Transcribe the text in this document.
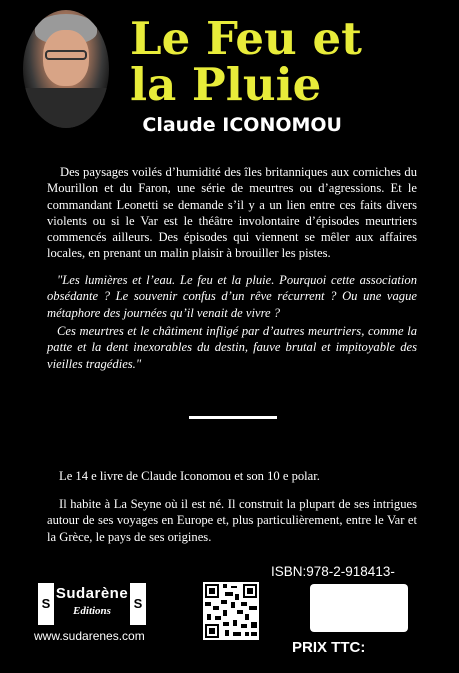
Le Feu et
la Pluie
Claude ICONOMOU
Des paysages voilés d’humidité des îles britanniques aux corniches du Mourillon et du Faron, une série de meurtres ou d’agressions. Et le commandant Leonetti se demande s’il y a un lien entre ces faits divers violents ou si le Var est le théâtre involontaire d’épisodes meurtriers commencés ailleurs. Des épisodes qui viennent se mêler aux affaires locales, en prenant un malin plaisir à brouiller les pistes.
"Les lumières et l’eau. Le feu et la pluie. Pourquoi cette association obsédante ? Le souvenir confus d’un rêve récurrent ? Ou une vague métaphore des journées qu’il venait de vivre ?
Ces meurtres et le châtiment infligé par d’autres meurtriers, comme la patte et la dent inexorables du destin, fauve brutal et impitoyable des vieilles tragédies."
Le 14 e livre de Claude Iconomou et son 10 e polar.
Il habite à La Seyne où il est né. Il construit la plupart de ses intrigues autour de ses voyages en Europe et, plus particulièrement, entre le Var et la Grèce, le pays de ses origines.
S
Sudarène
Editions	S
www.sudarenes.com
ISBN:978-2-918413-
PRIX TTC:
